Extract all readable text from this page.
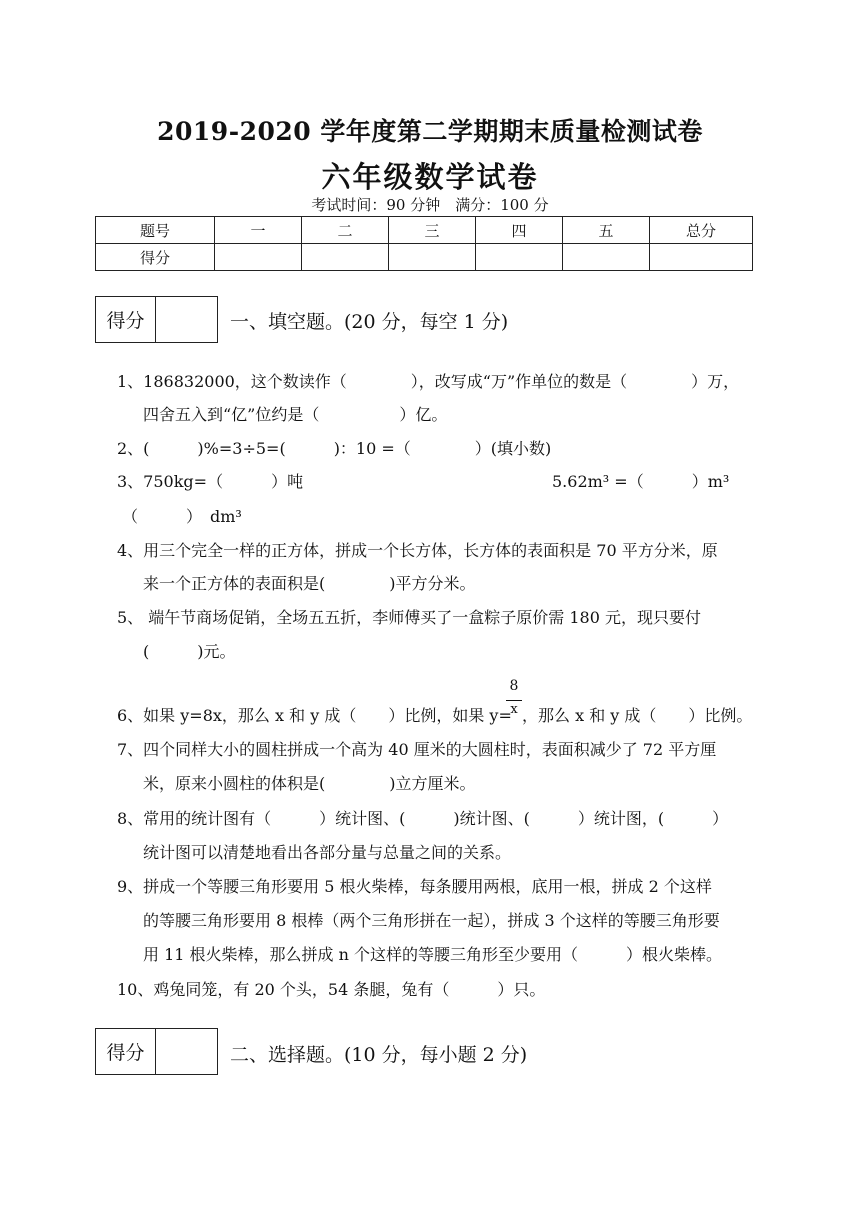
2019-2020 学年度第二学期期末质量检测试卷
六年级数学试卷
考试时间：90 分钟　满分：100 分
题号	一	二	三	四	五	总分
得分						
得分	一、填空题。(20 分，每空 1 分)
1、186832000，这个数读作（　　　　），改写成“万”作单位的数是（　　　　）万，
四舍五入到“亿”位约是（　　　　　）亿。
2、(　　　)%=3÷5=(　　　)：10 =（　　　　）(填小数)
3、750kg=（　　　）吨	5.62m³ =（　　　）m³
（　　　）　dm³
4、用三个完全一样的正方体，拼成一个长方体，长方体的表面积是 70 平方分米，原
来一个正方体的表面积是(　　　　)平方分米。
5、 端午节商场促销，全场五五折，李师傅买了一盒粽子原价需 180 元，现只要付
(　　　)元。
6、如果 y=8x，那么 x 和 y 成（　　）比例，如果 y=
8
x ，那么 x 和 y 成（　　）比例。
7、四个同样大小的圆柱拼成一个高为 40 厘米的大圆柱时，表面积减少了 72 平方厘
米，原来小圆柱的体积是(　　　　)立方厘米。
8、常用的统计图有（　　　）统计图、(　　　)统计图、(　　　）统计图，(　　　）
统计图可以清楚地看出各部分量与总量之间的关系。
9、拼成一个等腰三角形要用 5 根火柴棒，每条腰用两根，底用一根，拼成 2 个这样
的等腰三角形要用 8 根棒（两个三角形拼在一起），拼成 3 个这样的等腰三角形要
用 11 根火柴棒，那么拼成 n 个这样的等腰三角形至少要用（　　　）根火柴棒。
10、鸡兔同笼，有 20 个头，54 条腿，兔有（　　　）只。
得分	二、选择题。(10 分，每小题 2 分)
